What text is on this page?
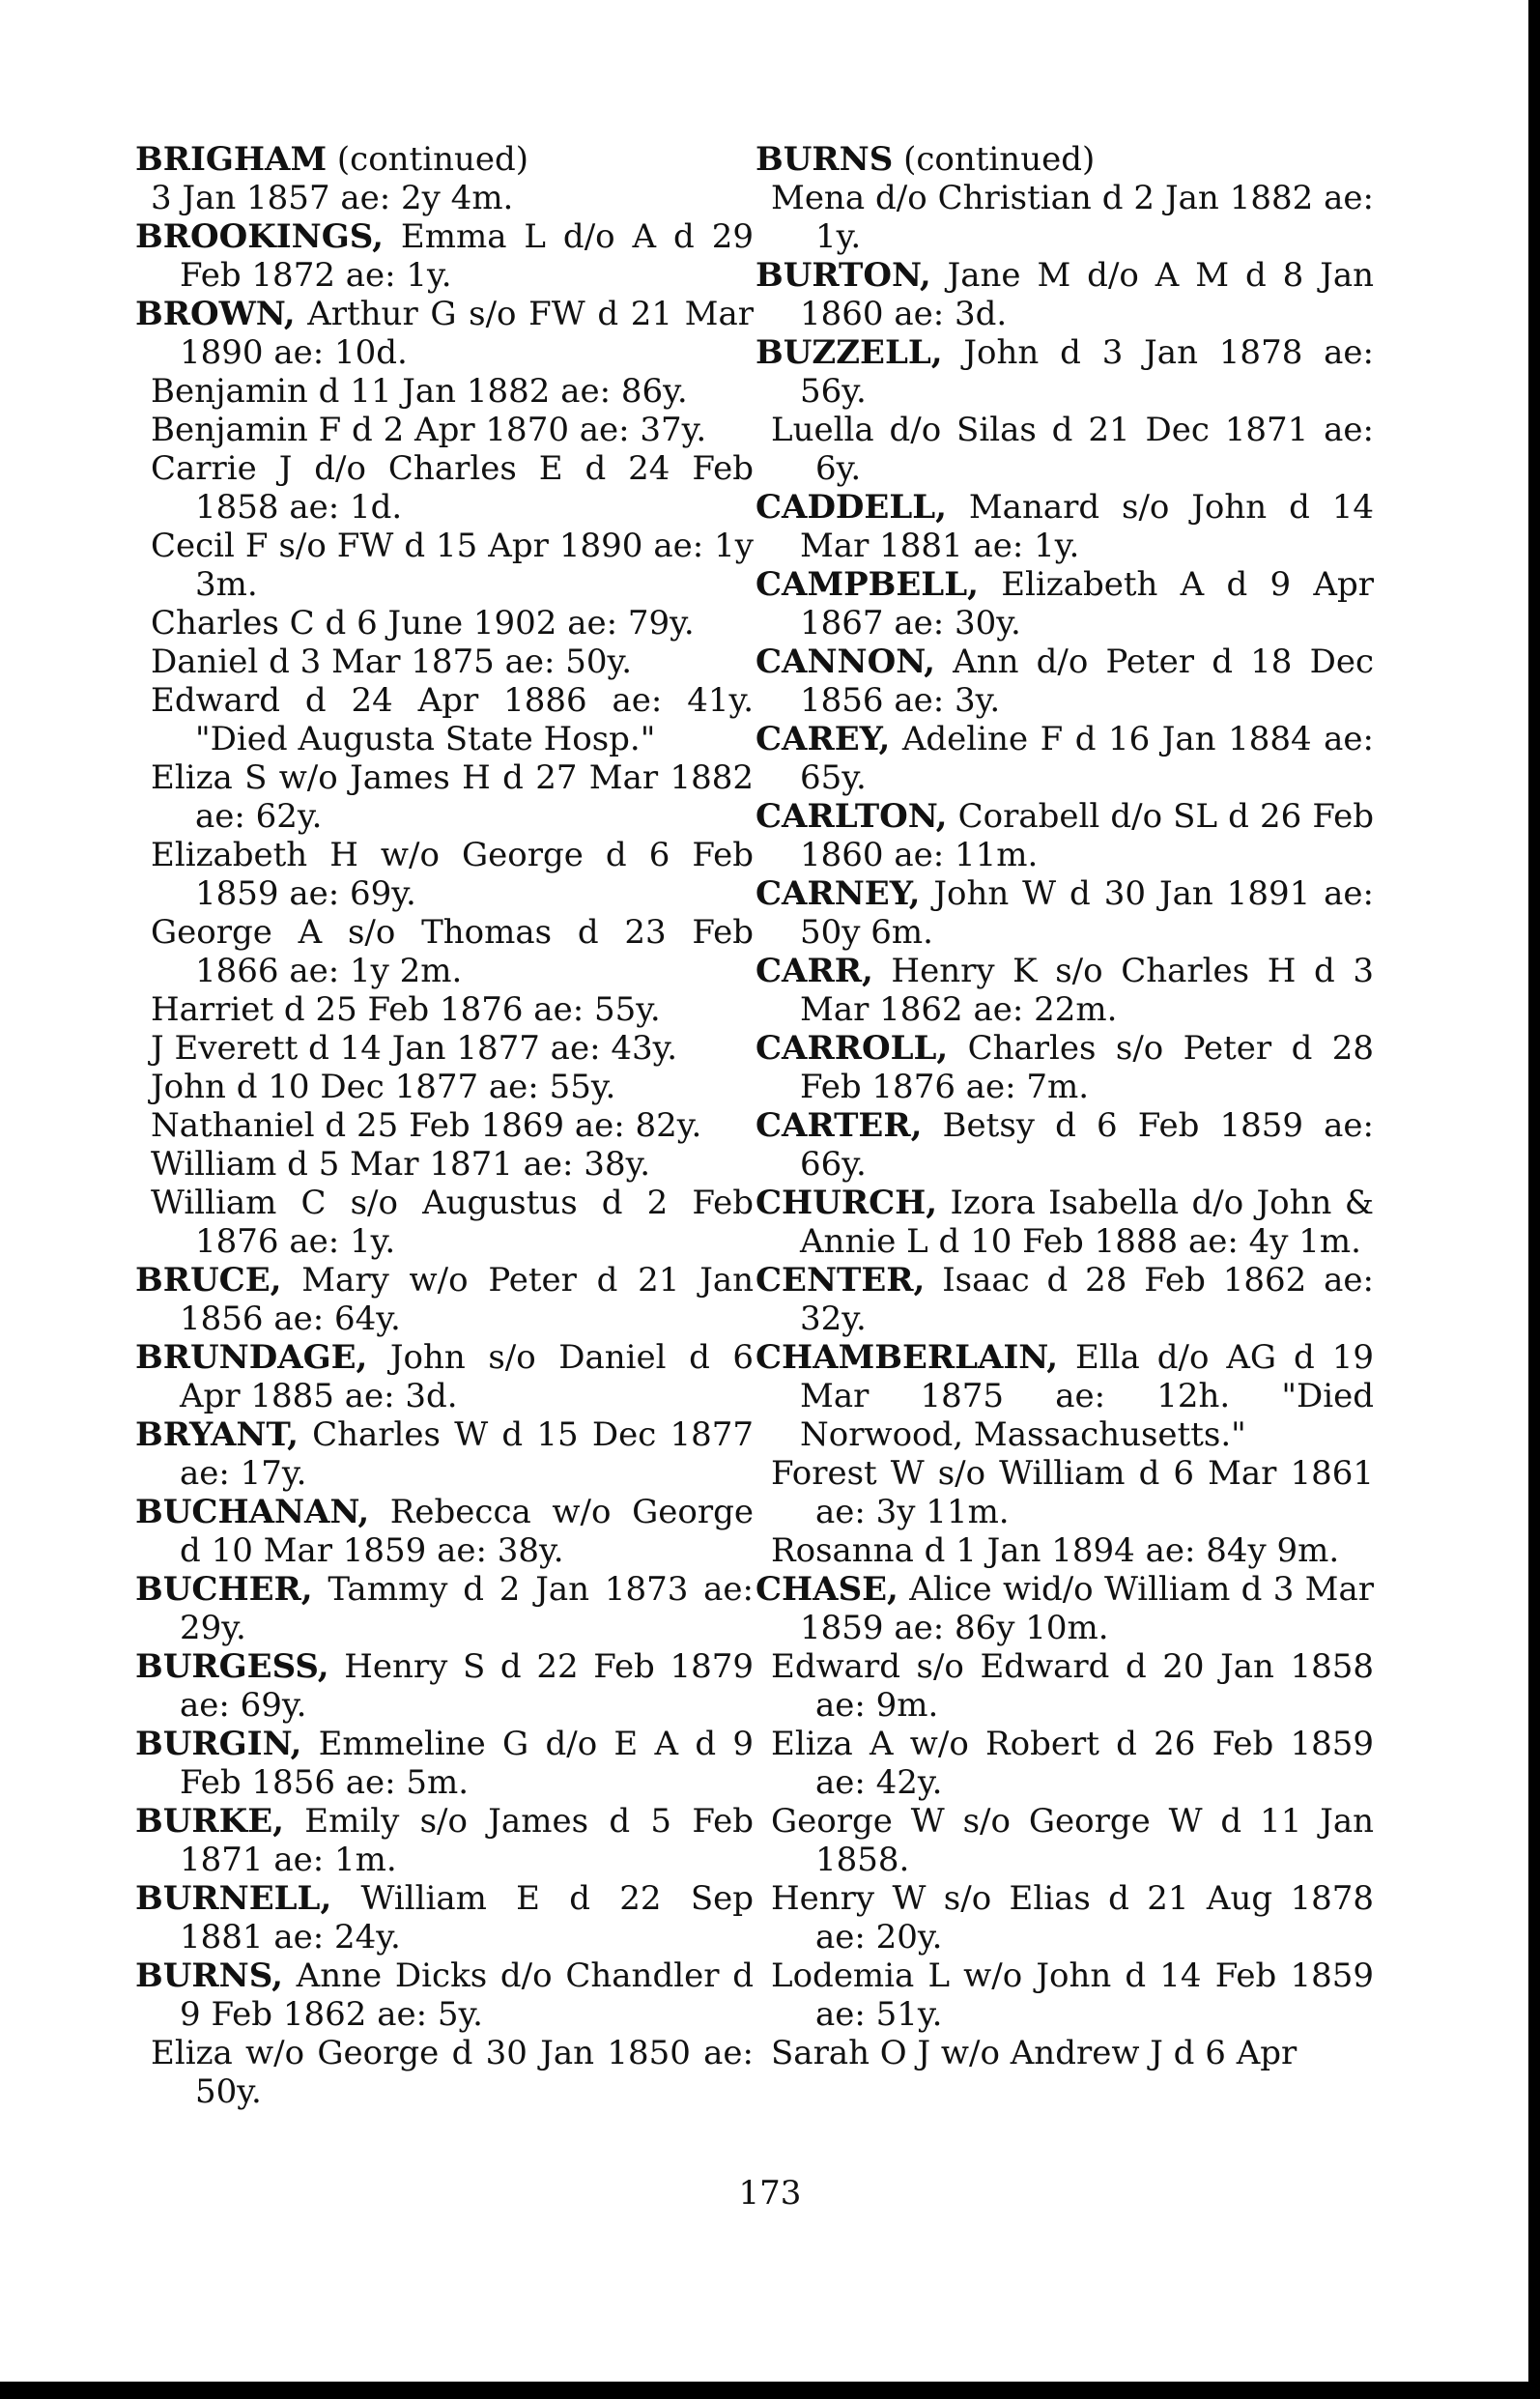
BRIGHAM (continued)

3 Jan 1857 ae: 2y 4m.

BROOKINGS, Emma L d/o A d 29 Feb 1872 ae: 1y.

BROWN, Arthur G s/o FW d 21 Mar 1890 ae: 10d.

Benjamin d 11 Jan 1882 ae: 86y.

Benjamin F d 2 Apr 1870 ae: 37y.

Carrie J d/o Charles E d 24 Feb 1858 ae: 1d.

Cecil F s/o FW d 15 Apr 1890 ae: 1y 3m.

Charles C d 6 June 1902 ae: 79y.

Daniel d 3 Mar 1875 ae: 50y.

Edward d 24 Apr 1886 ae: 41y. "Died Augusta State Hosp."

Eliza S w/o James H d 27 Mar 1882 ae: 62y.

Elizabeth H w/o George d 6 Feb 1859 ae: 69y.

George A s/o Thomas d 23 Feb 1866 ae: 1y 2m.

Harriet d 25 Feb 1876 ae: 55y.

J Everett d 14 Jan 1877 ae: 43y.

John d 10 Dec 1877 ae: 55y.

Nathaniel d 25 Feb 1869 ae: 82y.

William d 5 Mar 1871 ae: 38y.

William C s/o Augustus d 2 Feb 1876 ae: 1y.

BRUCE, Mary w/o Peter d 21 Jan 1856 ae: 64y.

BRUNDAGE, John s/o Daniel d 6 Apr 1885 ae: 3d.

BRYANT, Charles W d 15 Dec 1877 ae: 17y.

BUCHANAN, Rebecca w/o George d 10 Mar 1859 ae: 38y.

BUCHER, Tammy d 2 Jan 1873 ae: 29y.

BURGESS, Henry S d 22 Feb 1879 ae: 69y.

BURGIN, Emmeline G d/o E A d 9 Feb 1856 ae: 5m.

BURKE, Emily s/o James d 5 Feb 1871 ae: 1m.

BURNELL, William E d 22 Sep 1881 ae: 24y.

BURNS, Anne Dicks d/o Chandler d 9 Feb 1862 ae: 5y.

Eliza w/o George d 30 Jan 1850 ae: 50y.

BURNS (continued)

Mena d/o Christian d 2 Jan 1882 ae: 1y.

BURTON, Jane M d/o A M d 8 Jan 1860 ae: 3d.

BUZZELL, John d 3 Jan 1878 ae: 56y.

Luella d/o Silas d 21 Dec 1871 ae: 6y.

CADDELL, Manard s/o John d 14 Mar 1881 ae: 1y.

CAMPBELL, Elizabeth A d 9 Apr 1867 ae: 30y.

CANNON, Ann d/o Peter d 18 Dec 1856 ae: 3y.

CAREY, Adeline F d 16 Jan 1884 ae: 65y.

CARLTON, Corabell d/o SL d 26 Feb 1860 ae: 11m.

CARNEY, John W d 30 Jan 1891 ae: 50y 6m.

CARR, Henry K s/o Charles H d 3 Mar 1862 ae: 22m.

CARROLL, Charles s/o Peter d 28 Feb 1876 ae: 7m.

CARTER, Betsy d 6 Feb 1859 ae: 66y.

CHURCH, Izora Isabella d/o John & Annie L d 10 Feb 1888 ae: 4y 1m.

CENTER, Isaac d 28 Feb 1862 ae: 32y.

CHAMBERLAIN, Ella d/o AG d 19 Mar 1875 ae: 12h. "Died Norwood, Massachusetts."

Forest W s/o William d 6 Mar 1861 ae: 3y 11m.

Rosanna d 1 Jan 1894 ae: 84y 9m.

CHASE, Alice wid/o William d 3 Mar 1859 ae: 86y 10m.

Edward s/o Edward d 20 Jan 1858 ae: 9m.

Eliza A w/o Robert d 26 Feb 1859 ae: 42y.

George W s/o George W d 11 Jan 1858.

Henry W s/o Elias d 21 Aug 1878 ae: 20y.

Lodemia L w/o John d 14 Feb 1859 ae: 51y.

Sarah O J w/o Andrew J d 6 Apr

173
